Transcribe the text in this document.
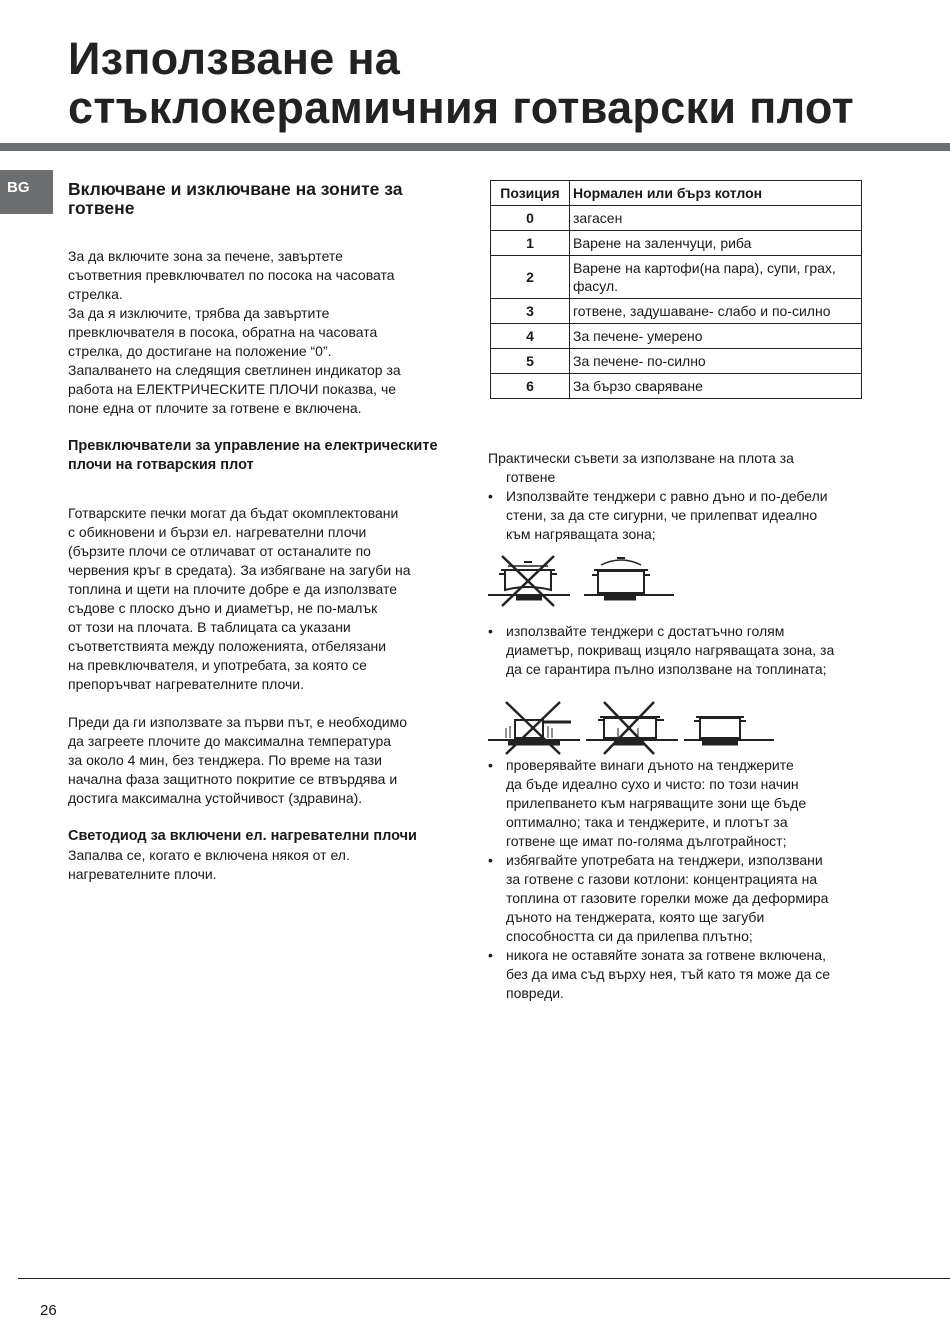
Използване на
стъклокерамичния готварски плот
BG	Включване и изключване на зоните за готвене

За да включите зона за печене, завъртете
съответния превключвател по посока на часовата
стрелка.
За да я изключите, трябва да завъртите
превключвателя в посока, обратна на часовата
стрелка, до достигане на положение “0”.
Запалването на следящия светлинен индикатор за
работа на ЕЛЕКТРИЧЕСКИТЕ ПЛОЧИ показва, че
поне една от плочите за готвене е включена.

Превключватели за управление на електрическите плочи на готварския плот

Готварските печки могат да бъдат окомплектовани
с обикновени и бързи ел. нагревателни плочи
(бързите плочи се отличават от останалите по
червения кръг в средата). За избягване на загуби на
топлина и щети на плочите добре е да използвате
съдове с плоско дъно и диаметър, не по-малък
от този на плочата. В таблицата са указани
съответствията между положенията, отбелязани
на превключвателя, и употребата, за която се
препоръчват нагревателните плочи.

Преди да ги използвате за първи път, е необходимо
да загреете плочите до максимална температура
за около 4 мин, без тенджера. По време на тази
начална фаза защитното покритие се втвърдява и
достига максимална устойчивост (здравина).

Светодиод за включени ел. нагревателни плочи

Запалва се, когато е включена някоя от ел.
нагревателните плочи.

Позиция	Нормален или бърз котлон
0	загасен
1	Варене на заленчуци, риба
2	Варене на картофи(на пара), супи, грах, фасул.
3	готвене, задушаване- слабо и по-силно
4	За печене- умерено
5	За печене- по-силно
6	За бързо сваряване

Практически съвети за използване на плота за
готвене

• Използвайте тенджери с равно дъно и по-дебели
стени, за да сте сигурни, че прилепват идеално
към нагряващата зона;
• използвайте тенджери с достатъчно голям
диаметър, покриващ изцяло нагряващата зона, за
да се гарантира пълно използване на топлината;
• проверявайте винаги дъното на тенджерите
да бъде идеално сухо и чисто: по този начин
прилепването към нагряващите зони ще бъде
оптимално; така и тенджерите, и плотът за
готвене ще имат по-голяма дълготрайност;
• избягвайте употребата на тенджери, използвани
за готвене с газови котлони: концентрацията на
топлина от газовите горелки може да деформира
дъното на тенджерата, която ще загуби
способността си да прилепва плътно;
• никога не оставяйте зоната за готвене включена,
без да има съд върху нея, тъй като тя може да се
повреди.
26
